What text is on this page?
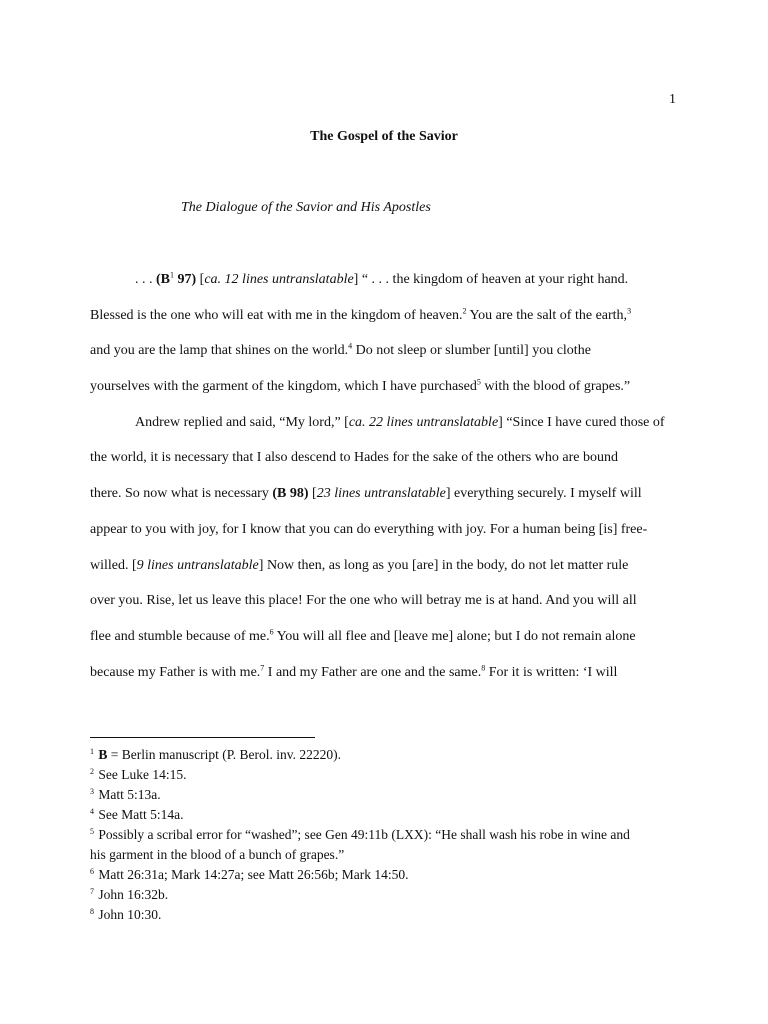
1
The Gospel of the Savior
The Dialogue of the Savior and His Apostles
. . . ($B^1$ 97) [ca. 12 lines untranslatable] “ . . . the kingdom of heaven at your right hand.
Blessed is the one who will eat with me in the kingdom of heaven.$^2$ You are the salt of the earth,$^3$
and you are the lamp that shines on the world.$^4$ Do not sleep or slumber [until] you clothe
yourselves with the garment of the kingdom, which I have purchased$^5$ with the blood of grapes.”
Andrew replied and said, “My lord,” [ca. 22 lines untranslatable] “Since I have cured those of
the world, it is necessary that I also descend to Hades for the sake of the others who are bound
there. So now what is necessary (B 98) [23 lines untranslatable] everything securely. I myself will
appear to you with joy, for I know that you can do everything with joy. For a human being [is] free-
willed. [9 lines untranslatable] Now then, as long as you [are] in the body, do not let matter rule
over you. Rise, let us leave this place! For the one who will betray me is at hand. And you will all
flee and stumble because of me.$^6$ You will all flee and [leave me] alone; but I do not remain alone
because my Father is with me.$^7$ I and my Father are one and the same.$^8$ For it is written: ‘I will
$^1$ B = Berlin manuscript (P. Berol. inv. 22220).
$^2$ See Luke 14:15.
$^3$ Matt 5:13a.
$^4$ See Matt 5:14a.
$^5$ Possibly a scribal error for “washed”; see Gen 49:11b (LXX): “He shall wash his robe in wine and
his garment in the blood of a bunch of grapes.”
$^6$ Matt 26:31a; Mark 14:27a; see Matt 26:56b; Mark 14:50.
$^7$ John 16:32b.
$^8$ John 10:30.
